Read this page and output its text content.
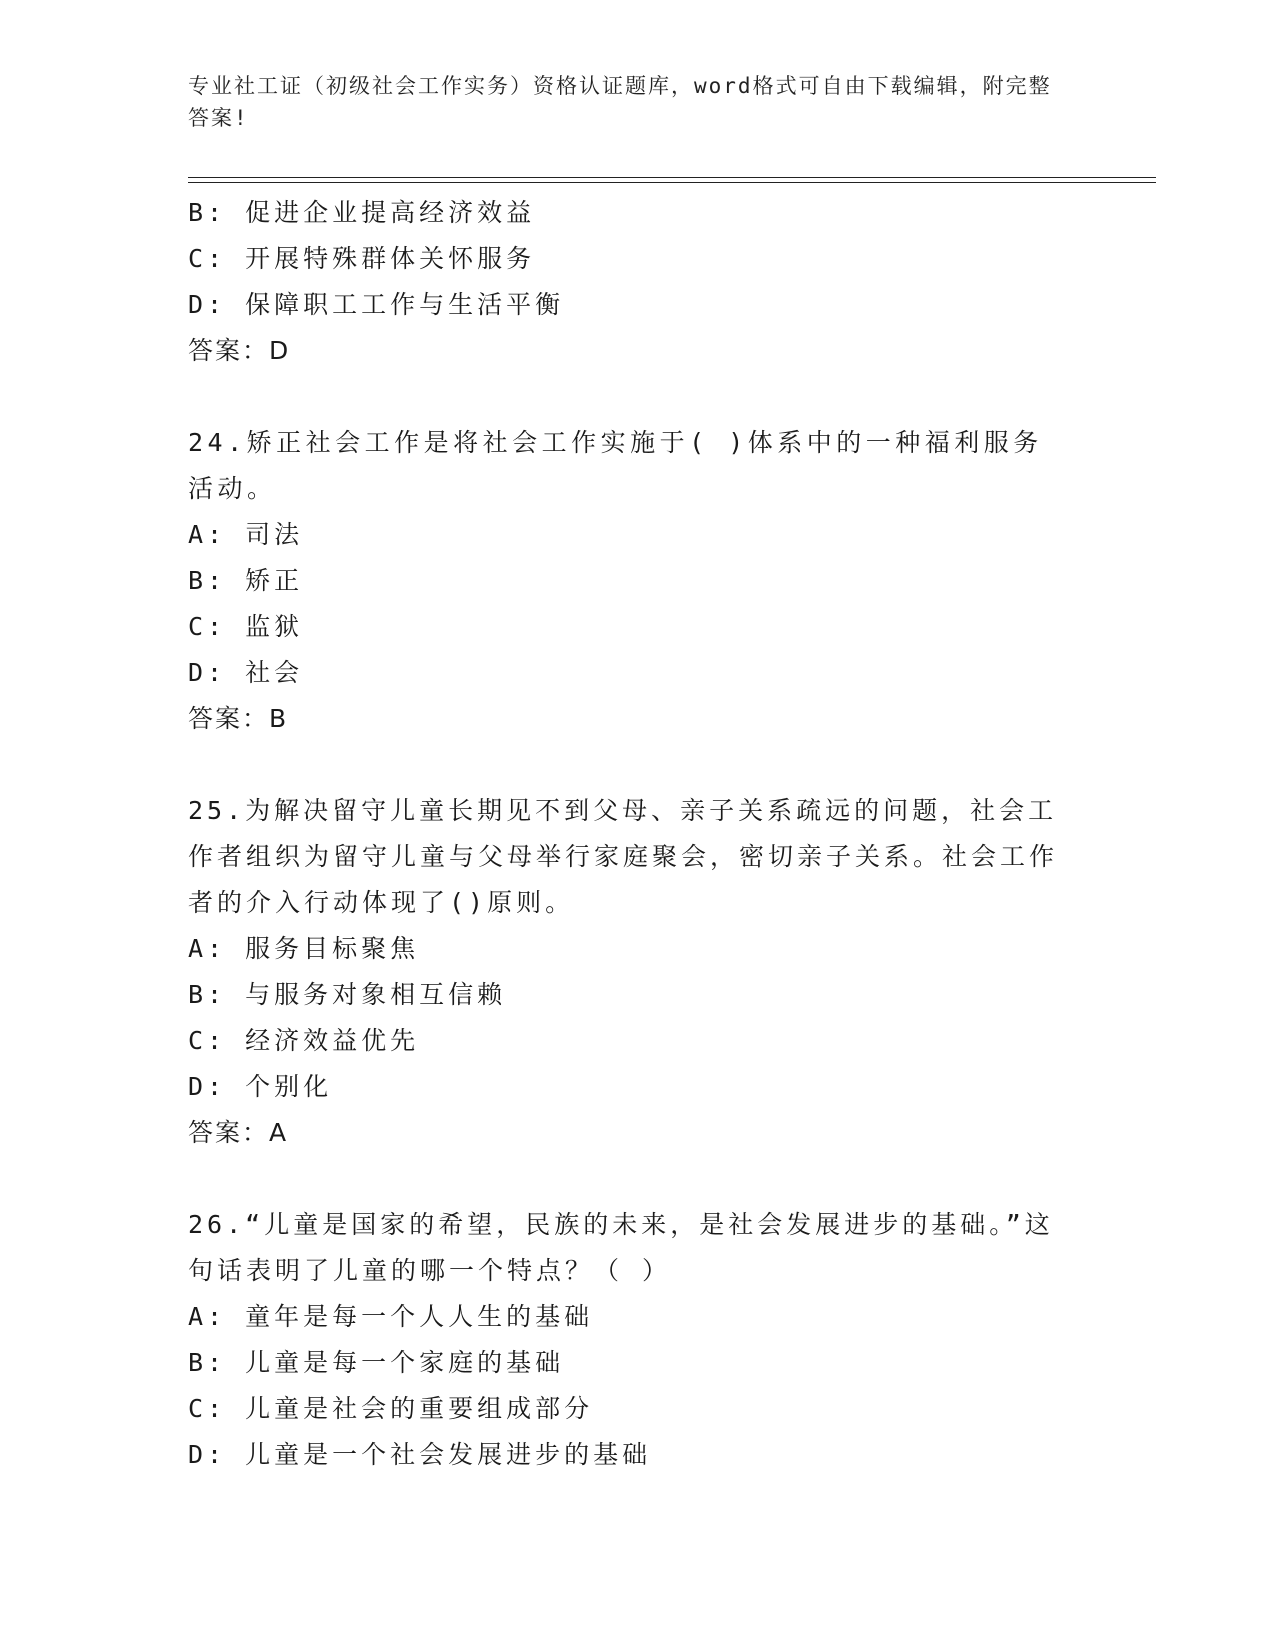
专业社工证（初级社会工作实务）资格认证题库，word格式可自由下载编辑，附完整答案!
B: 促进企业提高经济效益
C: 开展特殊群体关怀服务
D: 保障职工工作与生活平衡
答案：D
24.矫正社会工作是将社会工作实施于( )体系中的一种福利服务活动。
A: 司法
B: 矫正
C: 监狱
D: 社会
答案：B
25.为解决留守儿童长期见不到父母、亲子关系疏远的问题，社会工作者组织为留守儿童与父母举行家庭聚会，密切亲子关系。社会工作者的介入行动体现了()原则。
A: 服务目标聚焦
B: 与服务对象相互信赖
C: 经济效益优先
D: 个别化
答案：A
26.“儿童是国家的希望，民族的未来，是社会发展进步的基础。”这句话表明了儿童的哪一个特点？（ ）
A: 童年是每一个人人生的基础
B: 儿童是每一个家庭的基础
C: 儿童是社会的重要组成部分
D: 儿童是一个社会发展进步的基础
